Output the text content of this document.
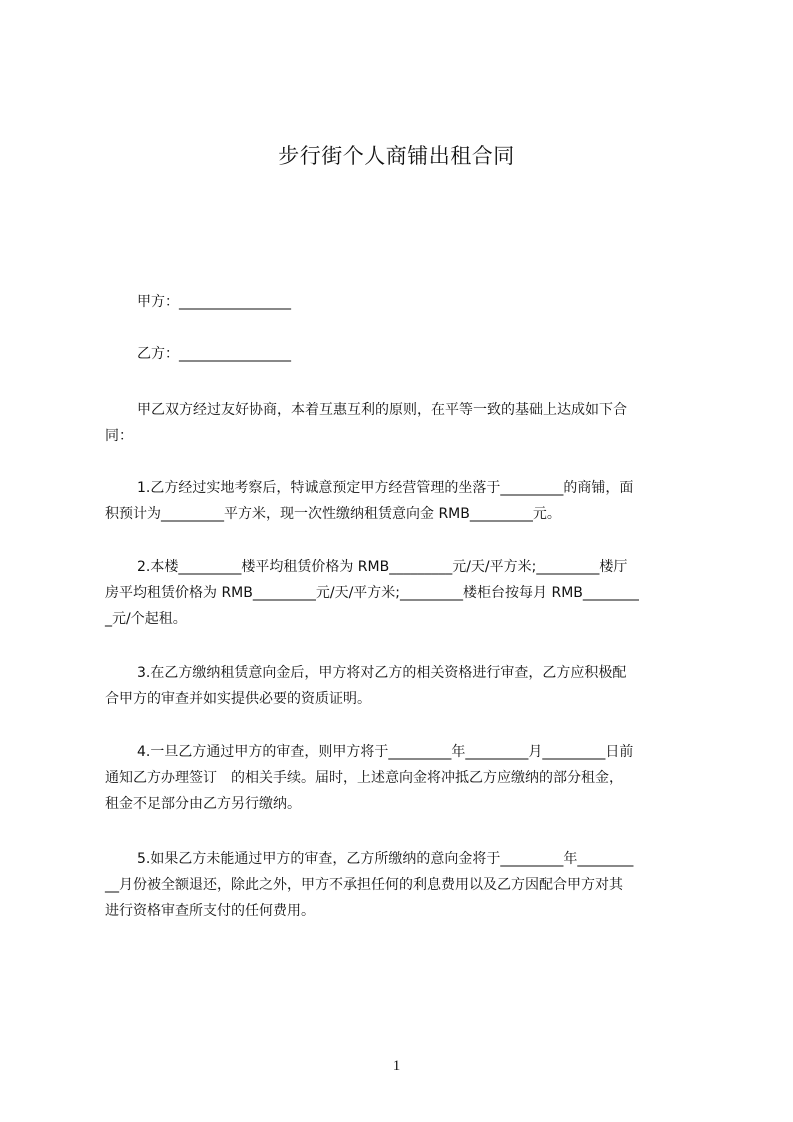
步行街个人商铺出租合同
甲方：________________
乙方：________________
甲乙双方经过友好协商，本着互惠互利的原则，在平等一致的基础上达成如下合
同：
1.乙方经过实地考察后，特诚意预定甲方经营管理的坐落于_________的商铺，面
积预计为_________平方米，现一次性缴纳租赁意向金 RMB_________元。
2.本楼_________楼平均租赁价格为 RMB_________元/天/平方米;_________楼厅
房平均租赁价格为 RMB_________元/天/平方米;_________楼柜台按每月 RMB________
_元/个起租。
3.在乙方缴纳租赁意向金后，甲方将对乙方的相关资格进行审查，乙方应积极配
合甲方的审查并如实提供必要的资质证明。
4.一旦乙方通过甲方的审查，则甲方将于_________年_________月_________日前
通知乙方办理签订　的相关手续。届时，上述意向金将冲抵乙方应缴纳的部分租金，
租金不足部分由乙方另行缴纳。
5.如果乙方未能通过甲方的审查，乙方所缴纳的意向金将于_________年________
__月份被全额退还，除此之外，甲方不承担任何的利息费用以及乙方因配合甲方对其
进行资格审查所支付的任何费用。
1
